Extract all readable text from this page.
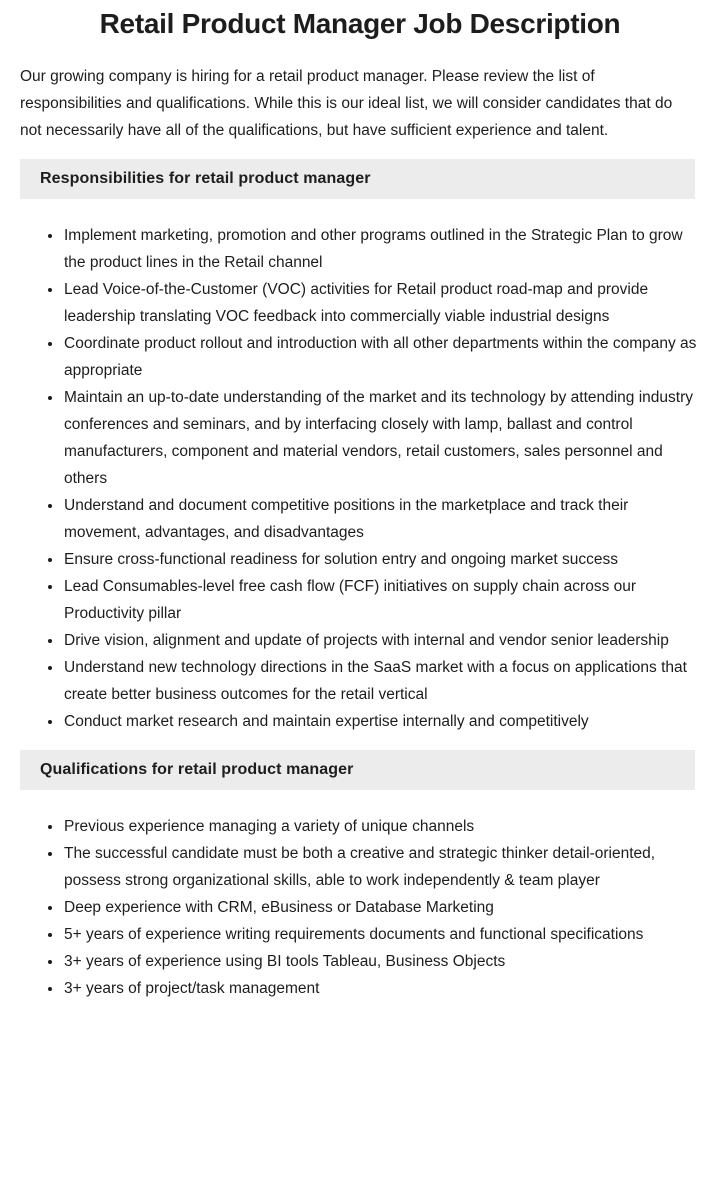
Retail Product Manager Job Description

Our growing company is hiring for a retail product manager. Please review the list of responsibilities and qualifications. While this is our ideal list, we will consider candidates that do not necessarily have all of the qualifications, but have sufficient experience and talent.

Responsibilities for retail product manager
• Implement marketing, promotion and other programs outlined in the Strategic Plan to grow the product lines in the Retail channel
• Lead Voice-of-the-Customer (VOC) activities for Retail product road-map and provide leadership translating VOC feedback into commercially viable industrial designs
• Coordinate product rollout and introduction with all other departments within the company as appropriate
• Maintain an up-to-date understanding of the market and its technology by attending industry conferences and seminars, and by interfacing closely with lamp, ballast and control manufacturers, component and material vendors, retail customers, sales personnel and others
• Understand and document competitive positions in the marketplace and track their movement, advantages, and disadvantages
• Ensure cross-functional readiness for solution entry and ongoing market success
• Lead Consumables-level free cash flow (FCF) initiatives on supply chain across our Productivity pillar
• Drive vision, alignment and update of projects with internal and vendor senior leadership
• Understand new technology directions in the SaaS market with a focus on applications that create better business outcomes for the retail vertical
• Conduct market research and maintain expertise internally and competitively
Qualifications for retail product manager
• Previous experience managing a variety of unique channels
• The successful candidate must be both a creative and strategic thinker detail-oriented, possess strong organizational skills, able to work independently & team player
• Deep experience with CRM, eBusiness or Database Marketing
• 5+ years of experience writing requirements documents and functional specifications
• 3+ years of experience using BI tools Tableau, Business Objects
• 3+ years of project/task management
